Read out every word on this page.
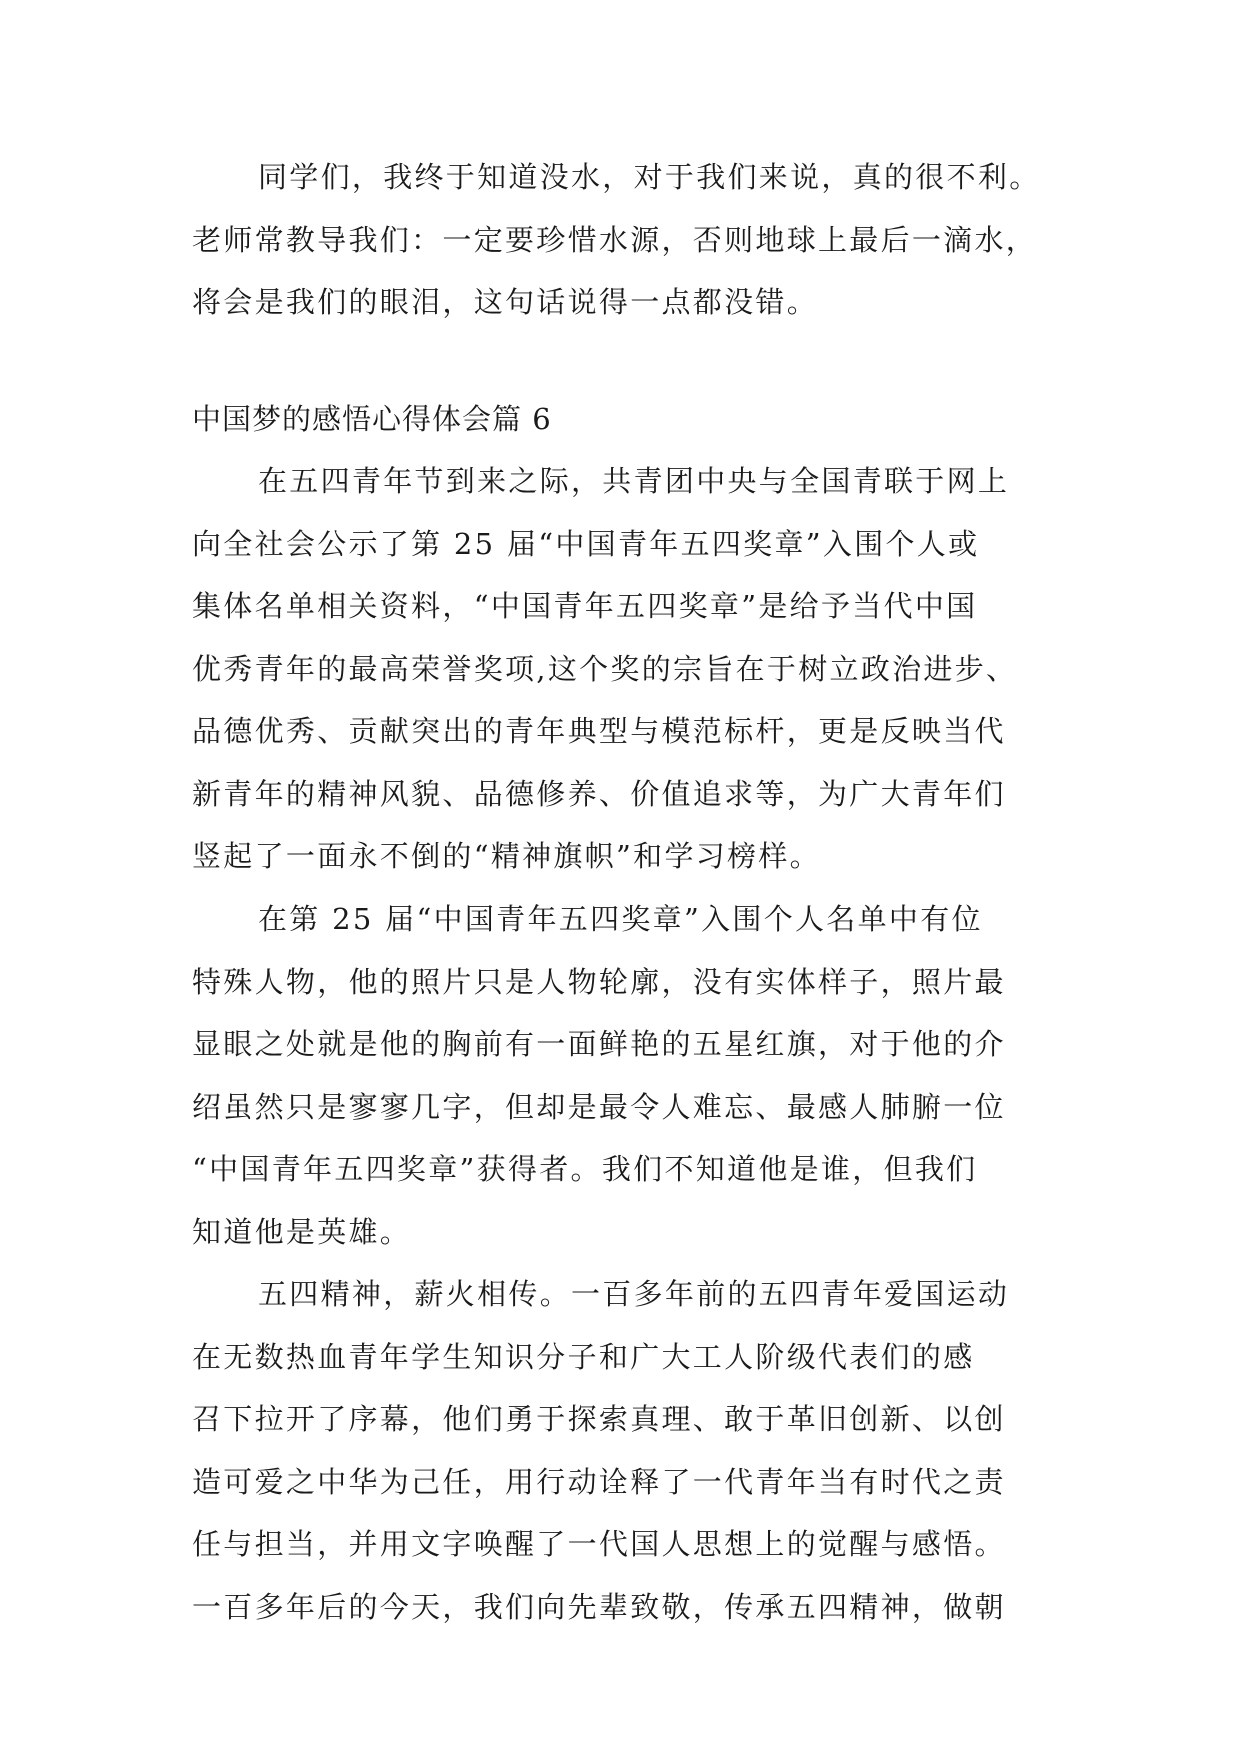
同学们，我终于知道没水，对于我们来说，真的很不利。
老师常教导我们：一定要珍惜水源，否则地球上最后一滴水，
将会是我们的眼泪，这句话说得一点都没错。
中国梦的感悟心得体会篇 6
在五四青年节到来之际，共青团中央与全国青联于网上
向全社会公示了第 25 届“中国青年五四奖章”入围个人或
集体名单相关资料，“中国青年五四奖章”是给予当代中国
优秀青年的最高荣誉奖项,这个奖的宗旨在于树立政治进步、
品德优秀、贡献突出的青年典型与模范标杆，更是反映当代
新青年的精神风貌、品德修养、价值追求等，为广大青年们
竖起了一面永不倒的“精神旗帜”和学习榜样。
在第 25 届“中国青年五四奖章”入围个人名单中有位
特殊人物，他的照片只是人物轮廓，没有实体样子，照片最
显眼之处就是他的胸前有一面鲜艳的五星红旗，对于他的介
绍虽然只是寥寥几字，但却是最令人难忘、最感人肺腑一位
“中国青年五四奖章”获得者。我们不知道他是谁，但我们
知道他是英雄。
五四精神，薪火相传。一百多年前的五四青年爱国运动
在无数热血青年学生知识分子和广大工人阶级代表们的感
召下拉开了序幕，他们勇于探索真理、敢于革旧创新、以创
造可爱之中华为己任，用行动诠释了一代青年当有时代之责
任与担当，并用文字唤醒了一代国人思想上的觉醒与感悟。
一百多年后的今天，我们向先辈致敬，传承五四精神，做朝
